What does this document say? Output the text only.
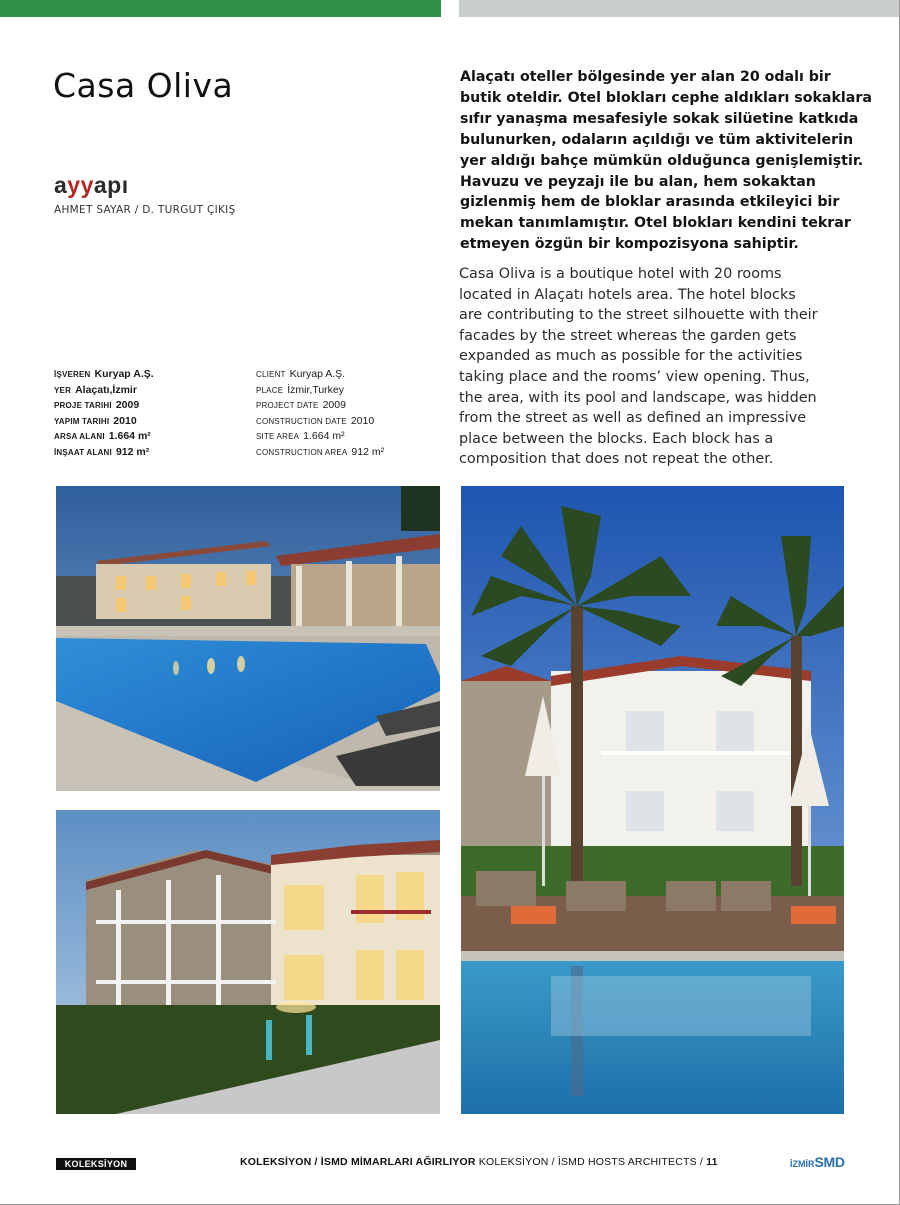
Casa Oliva
ayyapı
AHMET SAYAR / D. TURGUT ÇIKIŞ
İŞVEREN Kuryap A.Ş.
YER Alaçatı,İzmir
PROJE TARIHI 2009
YAPIM TARIHI 2010
ARSA ALANI 1.664 m²
İNŞAAT ALANI 912 m²
CLIENT Kuryap A.Ş.
PLACE İzmir,Turkey
PROJECT DATE 2009
CONSTRUCTION DATE 2010
SITE AREA 1.664 m²
CONSTRUCTION AREA 912 m²
Alaçatı oteller bölgesinde yer alan 20 odalı bir
butik oteldir. Otel blokları cephe aldıkları sokaklara
sıfır yanaşma mesafesiyle sokak silüetine katkıda
bulunurken, odaların açıldığı ve tüm aktivitelerin
yer aldığı bahçe mümkün olduğunca genişlemiştir.
Havuzu ve peyzajı ile bu alan, hem sokaktan
gizlenmiş hem de bloklar arasında etkileyici bir
mekan tanımlamıştır. Otel blokları kendini tekrar
etmeyen özgün bir kompozisyona sahiptir.
Casa Oliva is a boutique hotel with 20 rooms
located in Alaçatı hotels area. The hotel blocks
are contributing to the street silhouette with their
facades by the street whereas the garden gets
expanded as much as possible for the activities
taking place and the rooms’ view opening. Thus,
the area, with its pool and landscape, was hidden
from the street as well as defined an impressive
place between the blocks. Each block has a
composition that does not repeat the other.
KOLEKSİYON	KOLEKSİYON / İSMD MİMARLARI AĞIRLIYOR KOLEKSİYON / İSMD HOSTS ARCHITECTS / 11	İZMİRSMD
